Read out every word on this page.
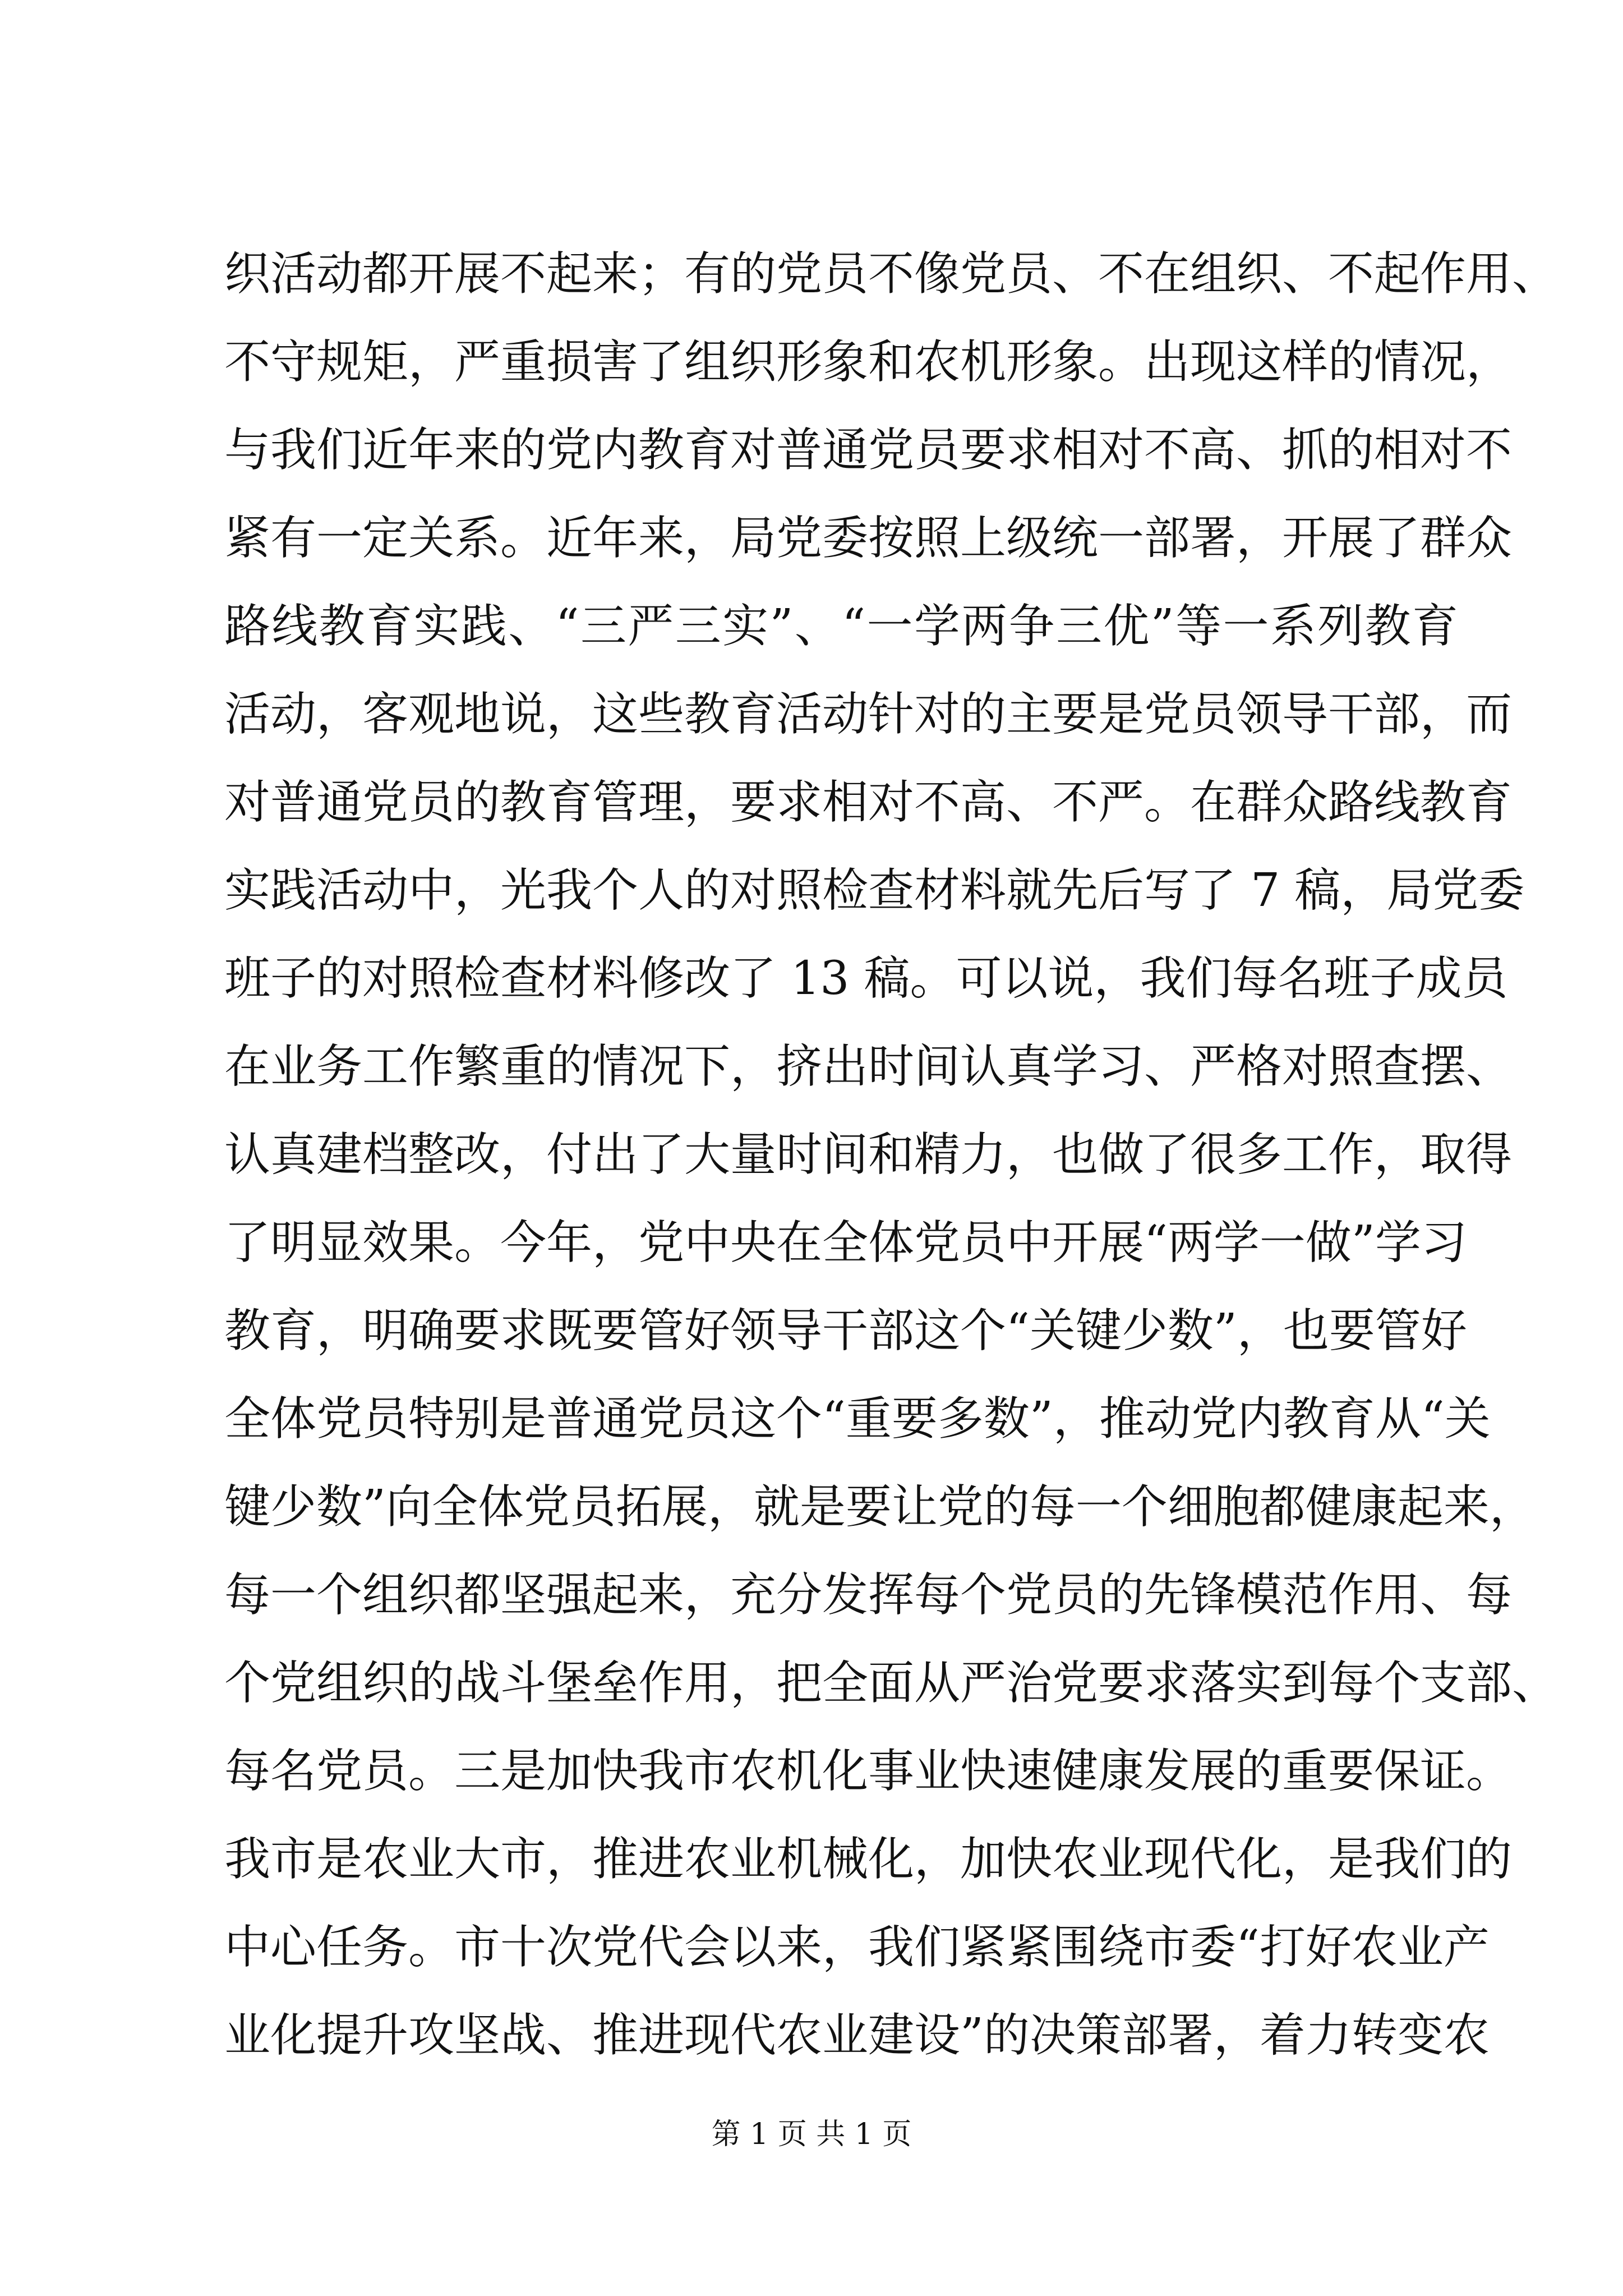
织活动都开展不起来；有的党员不像党员、不在组织、不起作用、
不守规矩，严重损害了组织形象和农机形象。出现这样的情况，
与我们近年来的党内教育对普通党员要求相对不高、抓的相对不
紧有一定关系。近年来，局党委按照上级统一部署，开展了群众
路线教育实践、“三严三实”、“一学两争三优”等一系列教育
活动，客观地说，这些教育活动针对的主要是党员领导干部，而
对普通党员的教育管理，要求相对不高、不严。在群众路线教育
实践活动中，光我个人的对照检查材料就先后写了 7 稿，局党委
班子的对照检查材料修改了 13 稿。可以说，我们每名班子成员
在业务工作繁重的情况下，挤出时间认真学习、严格对照查摆、
认真建档整改，付出了大量时间和精力，也做了很多工作，取得
了明显效果。今年，党中央在全体党员中开展“两学一做”学习
教育，明确要求既要管好领导干部这个“关键少数”，也要管好
全体党员特别是普通党员这个“重要多数”，推动党内教育从“关
键少数”向全体党员拓展，就是要让党的每一个细胞都健康起来，
每一个组织都坚强起来，充分发挥每个党员的先锋模范作用、每
个党组织的战斗堡垒作用，把全面从严治党要求落实到每个支部、
每名党员。三是加快我市农机化事业快速健康发展的重要保证。
我市是农业大市，推进农业机械化，加快农业现代化，是我们的
中心任务。市十次党代会以来，我们紧紧围绕市委“打好农业产
业化提升攻坚战、推进现代农业建设”的决策部署，着力转变农
第 1 页 共 1 页
